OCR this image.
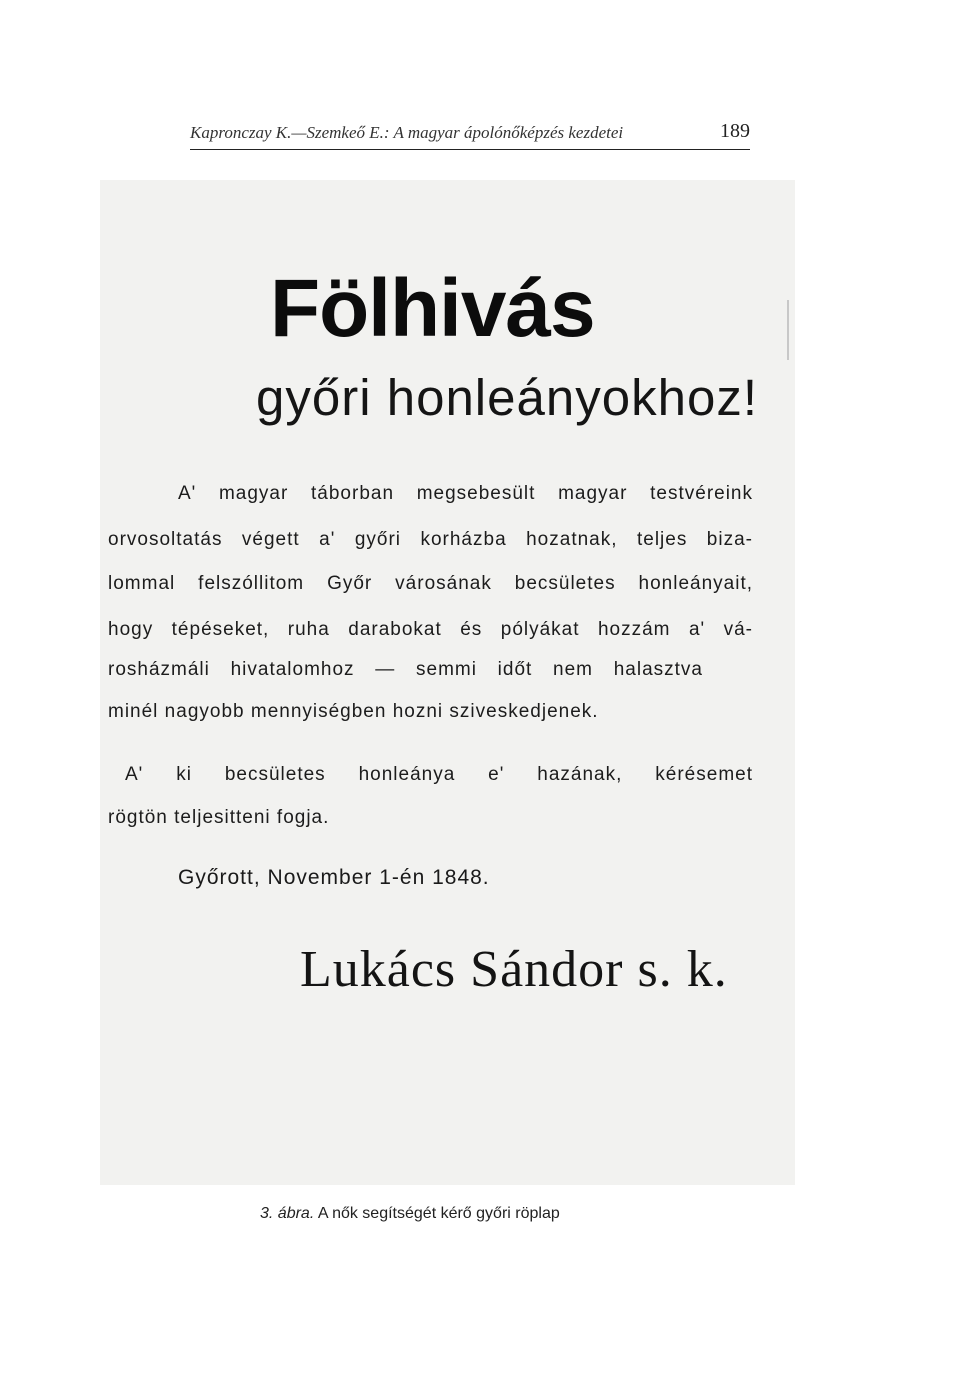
Kapronczay K.—Szemkeő E.: A magyar ápolónőképzés kezdetei	189
Fölhivás
győri honleányokhoz!
A' magyar táborban megsebesült magyar testvéreink
orvosoltatás végett a' győri korházba hozatnak, teljes biza-
lommal felszóllitom Győr városának becsületes honleányait,
hogy tépéseket, ruha darabokat és pólyákat hozzám a' vá-
rosházmáli hivatalomhoz — semmi időt nem halasztva
minél nagyobb mennyiségben hozni sziveskedjenek.
A' ki becsületes honleánya e' hazának, kérésemet
rögtön teljesitteni fogja.
Győrott, November 1-én 1848.
Lukács Sándor s. k.
3. ábra. A nők segítségét kérő győri röplap
